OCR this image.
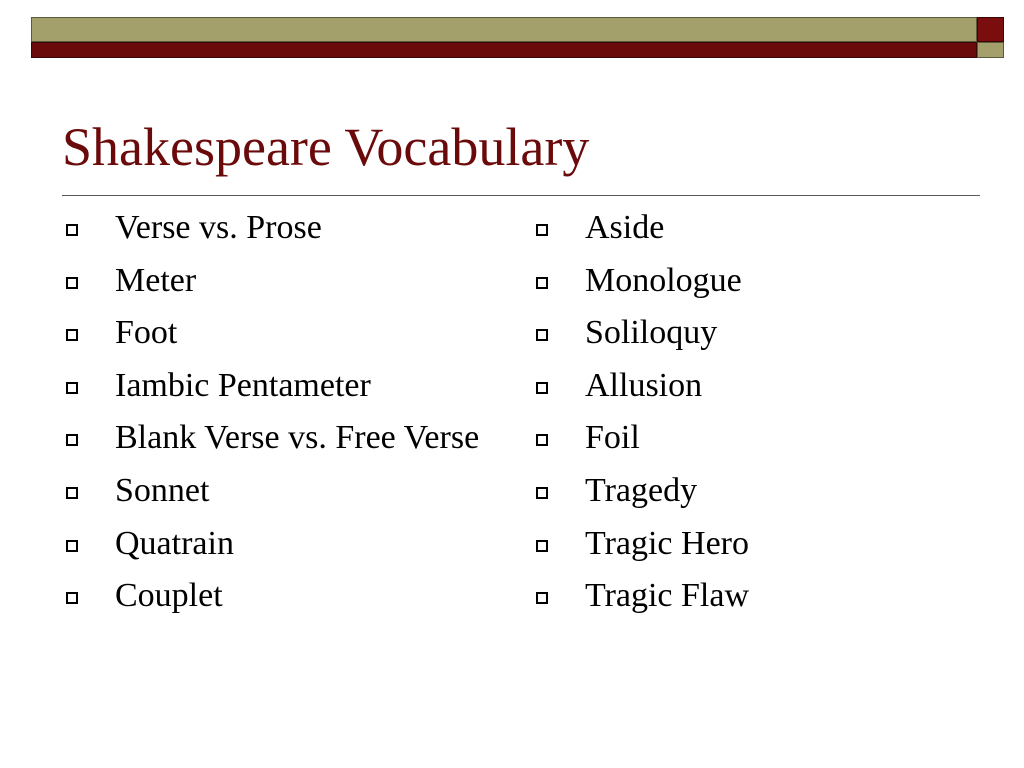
Shakespeare Vocabulary
Verse vs. Prose
Meter
Foot
Iambic Pentameter
Blank Verse vs. Free Verse
Sonnet
Quatrain
Couplet
Aside
Monologue
Soliloquy
Allusion
Foil
Tragedy
Tragic Hero
Tragic Flaw
